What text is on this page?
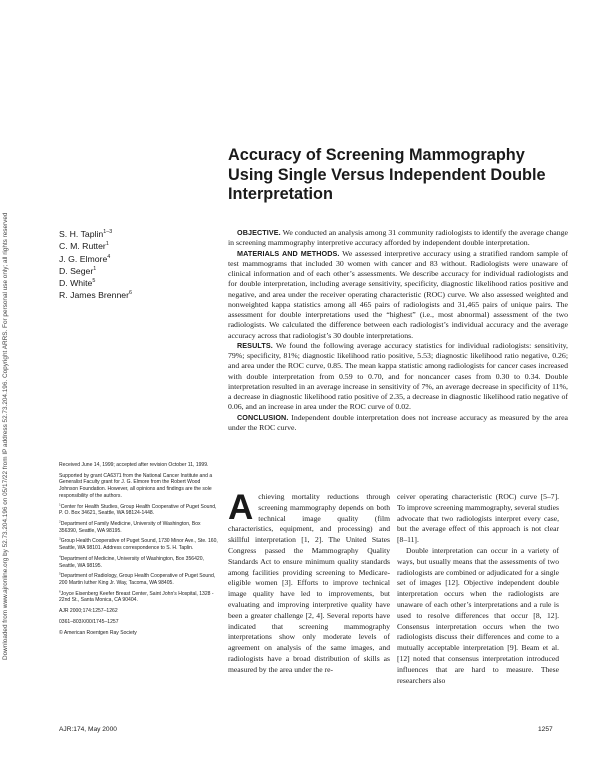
Downloaded from www.ajronline.org by 52.73.204.196 on 05/17/22 from IP address 52.73.204.196. Copyright ARRS. For personal use only; all rights reserved
Accuracy of Screening Mammography Using Single Versus Independent Double Interpretation
S. H. Taplin$^{1-3}$
C. M. Rutter$^1$
J. G. Elmore$^4$
D. Seger$^1$
D. White$^5$
R. James Brenner$^6$

OBJECTIVE. We conducted an analysis among 31 community radiologists to identify the average change in screening mammography interpretive accuracy afforded by independent double interpretation.

MATERIALS AND METHODS. We assessed interpretive accuracy using a stratified random sample of test mammograms that included 30 women with cancer and 83 without. Radiologists were unaware of clinical information and of each other’s assessments. We describe accuracy for individual radiologists and for double interpretation, including average sensitivity, specificity, diagnostic likelihood ratios positive and negative, and area under the receiver operating characteristic (ROC) curve. We also assessed weighted and nonweighted kappa statistics among all 465 pairs of radiologists and 31,465 pairs of unique pairs. The assessment for double interpretations used the “highest” (i.e., most abnormal) assessment of the two radiologists. We calculated the difference between each radiologist’s individual accuracy and the average accuracy across that radiologist’s 30 double interpretations.

RESULTS. We found the following average accuracy statistics for individual radiologists: sensitivity, 79%; specificity, 81%; diagnostic likelihood ratio positive, 5.53; diagnostic likelihood ratio negative, 0.26; and area under the ROC curve, 0.85. The mean kappa statistic among radiologists for cancer cases increased with double interpretation from 0.59 to 0.70, and for noncancer cases from 0.30 to 0.34. Double interpretation resulted in an average increase in sensitivity of 7%, an average decrease in specificity of 11%, a decrease in diagnostic likelihood ratio positive of 2.35, a decrease in diagnostic likelihood ratio negative of 0.06, and an increase in area under the ROC curve of 0.02.

CONCLUSION. Independent double interpretation does not increase accuracy as measured by the area under the ROC curve.

Received June 14, 1999; accepted after revision October 11, 1999.

Supported by grant CA6371 from the National Cancer Institute and a Generalist Faculty grant for J. G. Elmore from the Robert Wood Johnson Foundation. However, all opinions and findings are the sole responsibility of the authors.

$^1$Center for Health Studies, Group Health Cooperative of Puget Sound, P. O. Box 34621, Seattle, WA 98124-1448.

$^2$Department of Family Medicine, University of Washington, Box 356390, Seattle, WA 98195.

$^3$Group Health Cooperative of Puget Sound, 1730 Minor Ave., Ste. 160, Seattle, WA 98101. Address correspondence to S. H. Taplin.

$^4$Department of Medicine, University of Washington, Box 356420, Seattle, WA 98195.

$^5$Department of Radiology, Group Health Cooperative of Puget Sound, 200 Martin luther King Jr. Way, Tacoma, WA 98405.

$^6$Joyce Eisenberg Keefer Breast Center, Saint John’s Hospital, 1328 - 22nd St., Santa Monica, CA 90404.

AJR 2000;174:1257–1262

0361–803X/00/1745–1257

© American Roentgen Ray Society

Achieving mortality reductions through screening mammography depends on both technical image quality (film characteristics, equipment, and processing) and skillful interpretation [1, 2]. The United States Congress passed the Mammography Quality Standards Act to ensure minimum quality standards among facilities providing screening to Medicare-eligible women [3]. Efforts to improve technical image quality have led to improvements, but evaluating and improving interpretive quality have been a greater challenge [2, 4]. Several reports have indicated that screening mammography interpretations show only moderate levels of agreement on analysis of the same images, and radiologists have a broad distribution of skills as measured by the area under the re-

ceiver operating characteristic (ROC) curve [5–7]. To improve screening mammography, several studies advocate that two radiologists interpret every case, but the average effect of this approach is not clear [8–11].

Double interpretation can occur in a variety of ways, but usually means that the assessments of two radiologists are combined or adjudicated for a single set of images [12]. Objective independent double interpretation occurs when the radiologists are unaware of each other’s interpretations and a rule is used to resolve differences that occur [8, 12]. Consensus interpretation occurs when the two radiologists discuss their differences and come to a mutually acceptable interpretation [9]. Beam et al. [12] noted that consensus interpretation introduced influences that are hard to measure. These researchers also

AJR:174, May 2000	1257
